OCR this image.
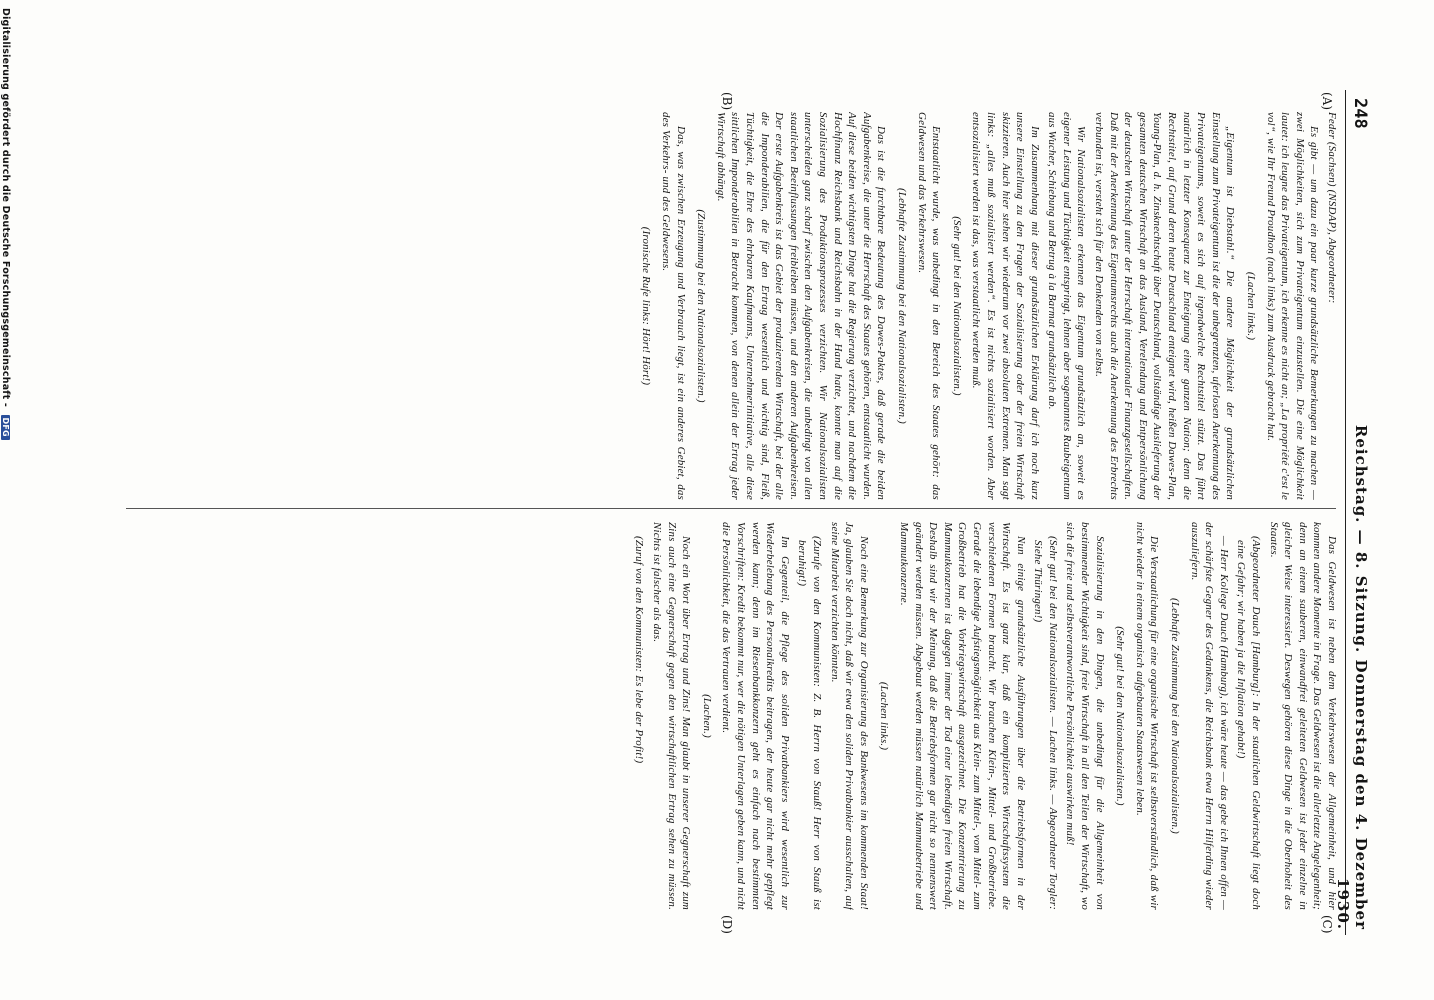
248
Reichstag. — 8. Sitzung. Donnerstag den 4. Dezember 1930.
(A)
(B)
(C)
(D)

Feder (Sachsen) (NSDAP), Abgeordneter:

Es gibt — um dazu ein paar kurze grundsätzliche Bemerkungen zu machen — zwei Möglichkeiten, sich zum Privateigentum einzustellen. Die eine Möglichkeit lautet: ich leugne das Privateigentum, ich erkenne es nicht an; „La propriété c'est le vol“, wie Ihr Freund Proudhon (nach links) zum Ausdruck gebracht hat.

(Lachen links.)

„Eigentum ist Diebstahl.“ Die andere Möglichkeit der grundsätzlichen Einstellung zum Privateigentum ist die der unbegrenzten, uferlosen Anerkennung des Privateigentums, soweit es sich auf irgendwelche Rechtstitel stützt. Das führt natürlich in letzter Konsequenz zur Enteignung einer ganzen Nation; denn die Rechtstitel, auf Grund deren heute Deutschland enteignet wird, heißen Dawes-Plan, Young-Plan, d. h. Zinsknechtschaft über Deutschland, vollständige Auslieferung der gesamten deutschen Wirtschaft an das Ausland, Verelendung und Entpersönlichung der deutschen Wirtschaft unter der Herrschaft internationaler Finanzgesellschaften. Daß mit der Anerkennung des Eigentumsrechts auch die Anerkennung des Erbrechts verbunden ist, versteht sich für den Denkenden von selbst.

Wir Nationalsozialisten erkennen das Eigentum grundsätzlich an, soweit es eigener Leistung und Tüchtigkeit entspringt, lehnen aber sogenanntes Raubeigentum aus Wucher, Schiebung und Betrug à la Barmat grundsätzlich ab.

Im Zusammenhang mit dieser grundsätzlichen Erklärung darf ich noch kurz unsere Einstellung zu den Fragen der Sozialisierung oder der freien Wirtschaft skizzieren. Auch hier stehen wir wiederum vor zwei absoluten Extremen. Man sagt links: „alles muß sozialisiert werden“. Es ist nichts sozialisiert worden. Aber entsozialisiert werden ist das, was verstaatlicht werden muß.

(Sehr gut! bei den Nationalsozialisten.)

Entstaatlicht wurde, was unbedingt in den Bereich des Staates gehört: das Geldwesen und das Verkehrswesen.

(Lebhafte Zustimmung bei den Nationalsozialisten.)

Das ist die furchtbare Bedeutung des Dawes-Paktes, daß gerade die beiden Aufgabenkreise, die unter die Herrschaft des Staates gehören, entstaatlicht wurden. Auf diese beiden wichtigsten Dinge hat die Regierung verzichtet, und nachdem die Hochfinanz Reichsbank und Reichsbahn in der Hand hatte, konnte man auf die Sozialisierung des Produktionsprozesses verzichten. Wir Nationalsozialisten unterscheiden ganz scharf zwischen den Aufgabenkreisen, die unbedingt von allen staatlichen Beeinflussungen freibleiben müssen, und den anderen Aufgabenkreisen. Der erste Aufgabenkreis ist das Gebiet der produzierenden Wirtschaft, bei der alle die Imponderabilien, die für den Ertrag wesentlich und wichtig sind, Fleiß, Tüchtigkeit, die Ehre des ehrbaren Kaufmanns, Unternehmerinitiative, alle diese sittlichen Imponderabilien in Betracht kommen, von denen allein der Ertrag jeder Wirtschaft abhängt.

(Zustimmung bei den Nationalsozialisten.)

Das, was zwischen Erzeugung und Verbrauch liegt, ist ein anderes Gebiet, das des Verkehrs- und des Geldwesens.

(Ironische Rufe links: Hört! Hört!)

Das Geldwesen ist neben dem Verkehrswesen der Allgemeinheit, und hier kommen andere Momente in Frage. Das Geldwesen ist die allerletzte Angelegenheit; denn an einem sauberen, einwandfrei geleiteten Geldwesen ist jeder einzelne in gleicher Weise interessiert. Deswegen gehören diese Dinge in die Oberhoheit des Staates.

(Abgeordneter Dauch [Hamburg]: In der staatlichen Geldwirtschaft liegt doch eine Gefahr; wir haben ja die Inflation gehabt!)

— Herr Kollege Dauch (Hamburg), ich wäre heute — das gebe ich Ihnen offen — der schärfste Gegner des Gedankens, die Reichsbank etwa Herrn Hilferding wieder auszuliefern.

(Lebhafte Zustimmung bei den Nationalsozialisten.)

Die Verstaatlichung für eine organische Wirtschaft ist selbstverständlich, daß wir nicht wieder in einem organisch aufgebauten Staatswesen leben.

(Sehr gut! bei den Nationalsozialisten.)

Sozialisierung in den Dingen, die unbedingt für die Allgemeinheit von bestimmender Wichtigkeit sind, freie Wirtschaft in all den Teilen der Wirtschaft, wo sich die freie und selbstverantwortliche Persönlichkeit auswirken muß!

(Sehr gut! bei den Nationalsozialisten. — Lachen links. — Abgeordneter Torgler: Siehe Thüringen!)

Nun einige grundsätzliche Ausführungen über die Betriebsformen in der Wirtschaft. Es ist ganz klar, daß ein kompliziertes Wirtschaftssystem die verschiedenen Formen braucht. Wir brauchen Klein-, Mittel- und Großbetriebe. Gerade die lebendige Aufstiegsmöglichkeit aus Klein- zum Mittel-, vom Mittel- zum Großbetrieb hat die Vorkriegswirtschaft ausgezeichnet. Die Konzentrierung zu Mammutkonzernen ist dagegen immer der Tod einer lebendigen freien Wirtschaft. Deshalb sind wir der Meinung, daß die Betriebsformen gar nicht so nennenswert geändert werden müssen. Abgebaut werden müssen natürlich Mammutbetriebe und Mammutkonzerne.

(Lachen links.)

Noch eine Bemerkung zur Organisierung des Bankwesens im kommenden Staat! Ja, glauben Sie doch nicht, daß wir etwa den soliden Privatbankier ausschalten, auf seine Mitarbeit verzichten könnten.

(Zurufe von den Kommunisten: Z. B. Herrn von Stauß! Herr von Stauß ist beruhigt!)

Im Gegenteil, die Pflege des soliden Privatbankiers wird wesentlich zur Wiederbelebung des Personalkredits beitragen, der heute gar nicht mehr gepflegt werden kann; denn im Riesenbankkonzern geht es einfach nach bestimmten Vorschriften: Kredit bekommt nur, wer die nötigen Unterlagen geben kann, und nicht die Persönlichkeit, die das Vertrauen verdient.

(Lachen.)

Noch ein Wort über Ertrag und Zins! Man glaubt in unserer Gegnerschaft zum Zins auch eine Gegnerschaft gegen den wirtschaftlichen Ertrag sehen zu müssen. Nichts ist falscher als das.

(Zuruf von den Kommunisten: Es lebe der Profit!)

Digitalisierung gefördert durch die Deutsche Forschungsgemeinschaft - DFG
